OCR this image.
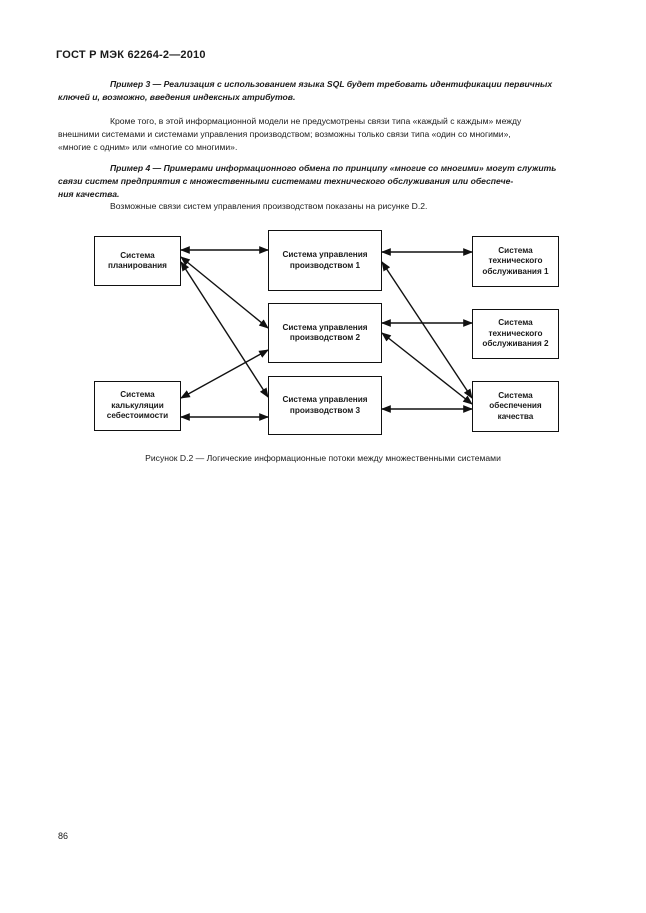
ГОСТ Р МЭК 62264-2—2010
Пример 3 — Реализация с использованием языка SQL будет требовать идентификации первичных
ключей и, возможно, введения индексных атрибутов.
Кроме того, в этой информационной модели не предусмотрены связи типа «каждый с каждым» между
внешними системами и системами управления производством; возможны только связи типа «один со многими»,
«многие с одним» или «многие со многими».
Пример 4 — Примерами информационного обмена по принципу «многие со многими» могут служить
связи систем предприятия с множественными системами технического обслуживания или обеспече-
ния качества.
Возможные связи систем управления производством показаны на рисунке D.2.
Система планирования
Система калькуляции себестоимости
Система управления производством 1
Система управления производством 2
Система управления производством 3
Система технического обслуживания 1
Система технического обслуживания 2
Система обеспечения качества
Рисунок D.2 — Логические информационные потоки между множественными системами
86
